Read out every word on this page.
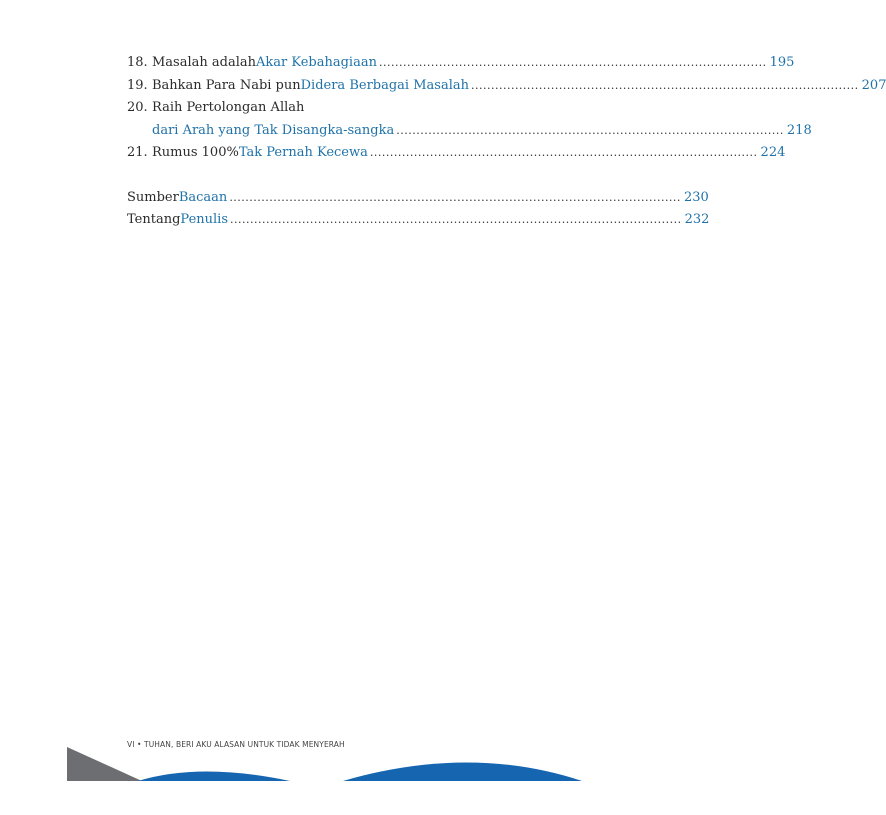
18. Masalah adalah Akar Kebahagiaan ................................................................................................. 195
19. Bahkan Para Nabi pun Didera Berbagai Masalah ................................................................................................. 207
20. Raih Pertolongan Allah
dari Arah yang Tak Disangka-sangka ................................................................................................. 218
21. Rumus 100% Tak Pernah Kecewa ................................................................................................. 224
Sumber Bacaan ................................................................................................................. 230
Tentang Penulis ................................................................................................................. 232
VI • TUHAN, BERI AKU ALASAN UNTUK TIDAK MENYERAH
